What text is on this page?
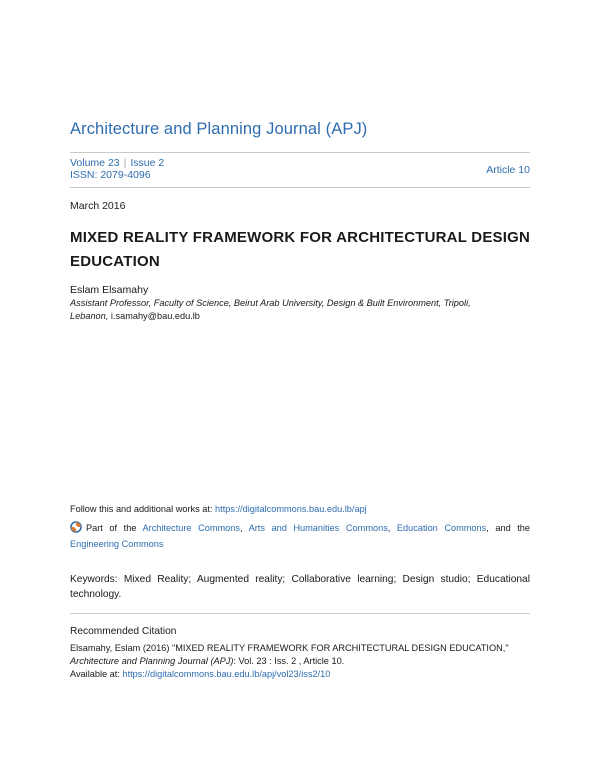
Architecture and Planning Journal (APJ)
Volume 23 | Issue 2
ISSN: 2079-4096	Article 10
March 2016
MIXED REALITY FRAMEWORK FOR ARCHITECTURAL DESIGN EDUCATION
Eslam Elsamahy
Assistant Professor, Faculty of Science, Beirut Arab University, Design & Built Environment, Tripoli, Lebanon, i.samahy@bau.edu.lb
Follow this and additional works at: https://digitalcommons.bau.edu.lb/apj
Part of the Architecture Commons, Arts and Humanities Commons, Education Commons, and the Engineering Commons
Keywords: Mixed Reality; Augmented reality; Collaborative learning; Design studio; Educational technology.
Recommended Citation
Elsamahy, Eslam (2016) "MIXED REALITY FRAMEWORK FOR ARCHITECTURAL DESIGN EDUCATION,"
Architecture and Planning Journal (APJ): Vol. 23 : Iss. 2 , Article 10.
Available at: https://digitalcommons.bau.edu.lb/apj/vol23/iss2/10
